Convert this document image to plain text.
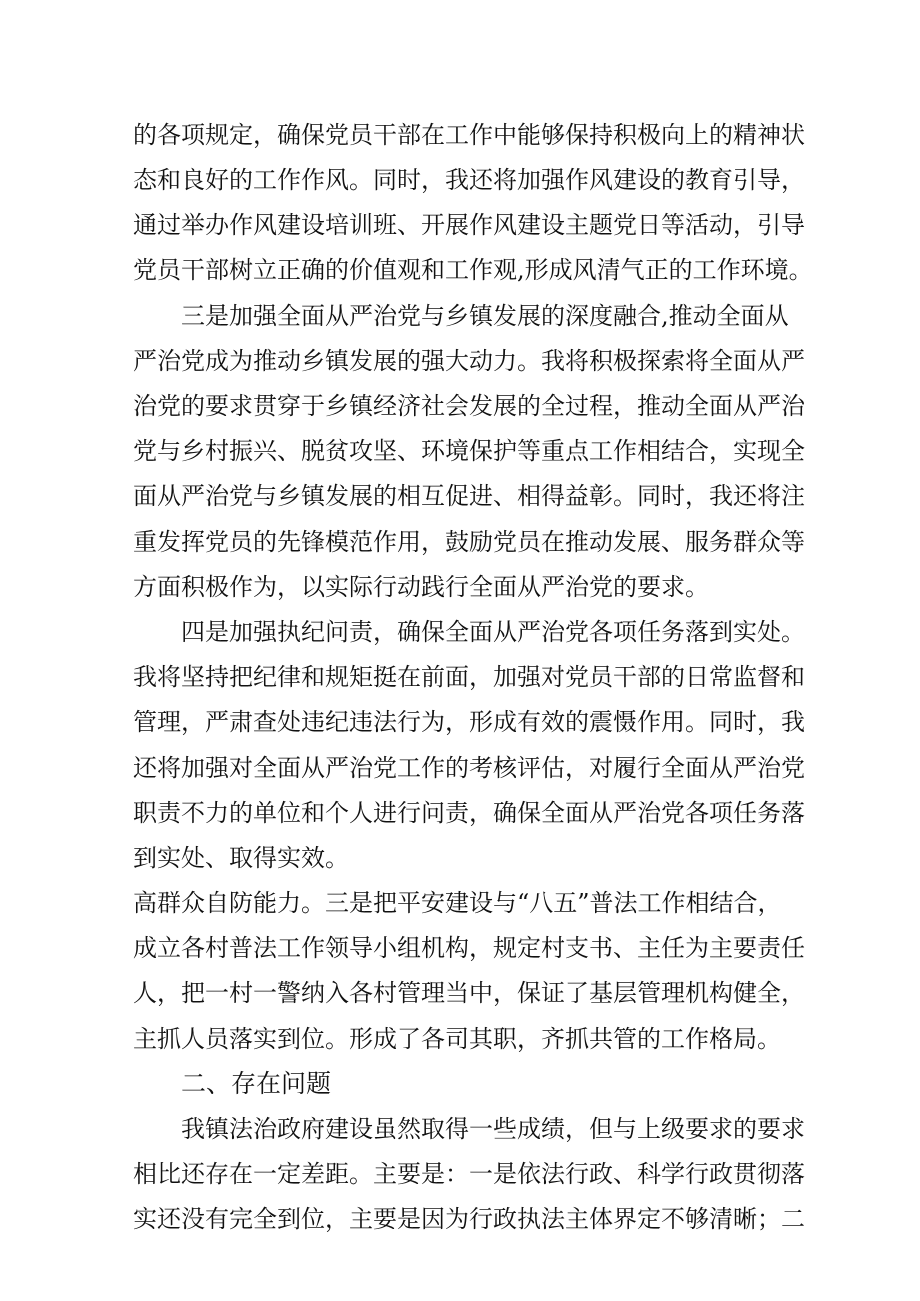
的各项规定，确保党员干部在工作中能够保持积极向上的精神状
态和良好的工作作风。同时，我还将加强作风建设的教育引导，
通过举办作风建设培训班、开展作风建设主题党日等活动，引导
党员干部树立正确的价值观和工作观,形成风清气正的工作环境。
三是加强全面从严治党与乡镇发展的深度融合,推动全面从
严治党成为推动乡镇发展的强大动力。我将积极探索将全面从严
治党的要求贯穿于乡镇经济社会发展的全过程，推动全面从严治
党与乡村振兴、脱贫攻坚、环境保护等重点工作相结合，实现全
面从严治党与乡镇发展的相互促进、相得益彰。同时，我还将注
重发挥党员的先锋模范作用，鼓励党员在推动发展、服务群众等
方面积极作为，以实际行动践行全面从严治党的要求。
四是加强执纪问责，确保全面从严治党各项任务落到实处。
我将坚持把纪律和规矩挺在前面，加强对党员干部的日常监督和
管理，严肃查处违纪违法行为，形成有效的震慑作用。同时，我
还将加强对全面从严治党工作的考核评估，对履行全面从严治党
职责不力的单位和个人进行问责，确保全面从严治党各项任务落
到实处、取得实效。
高群众自防能力。三是把平安建设与“八五”普法工作相结合，
成立各村普法工作领导小组机构，规定村支书、主任为主要责任
人，把一村一警纳入各村管理当中，保证了基层管理机构健全，
主抓人员落实到位。形成了各司其职，齐抓共管的工作格局。
二、存在问题
我镇法治政府建设虽然取得一些成绩，但与上级要求的要求
相比还存在一定差距。主要是：一是依法行政、科学行政贯彻落
实还没有完全到位，主要是因为行政执法主体界定不够清晰；二
